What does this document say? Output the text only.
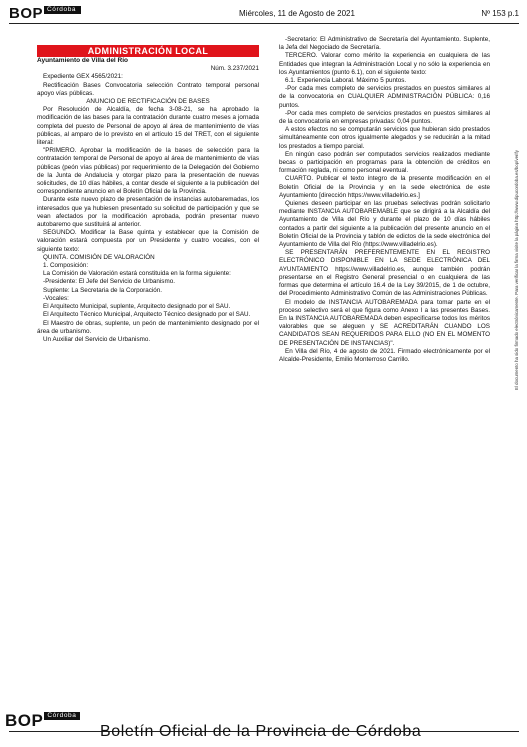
BOP Córdoba	Miércoles, 11 de Agosto de 2021	Nº 153 p.1
ADMINISTRACIÓN LOCAL

Ayuntamiento de Villa del Río

Núm. 3.237/2021

Expediente GEX 4565/2021:

Rectificación Bases Convocatoria selección Contrato temporal personal apoyo vías públicas.

ANUNCIO DE RECTIFICACIÓN DE BASES

Por Resolución de Alcaldía, de fecha 3-08-21, se ha aprobado la modificación de las bases para la contratación durante cuatro meses a jornada completa del puesto de Personal de apoyo al área de mantenimiento de vías públicas, al amparo de lo previsto en el artículo 15 del TRET, con el siguiente literal:

"PRIMERO. Aprobar la modificación de la bases de selección para la contratación temporal de Personal de apoyo al área de mantenimiento de vías públicas (peón vías públicas) por requerimiento de la Delegación del Gobierno de la Junta de Andalucía y otorgar plazo para la presentación de nuevas solicitudes, de 10 días hábiles, a contar desde el siguiente a la publicación del correspondiente anuncio en el Boletín Oficial de la Provincia.

Durante este nuevo plazo de presentación de instancias autobaremadas, los interesados que ya hubiesen presentado su solicitud de participación y que se vean afectados por la modificación aprobada, podrán presentar nuevo autobaremo que sustituirá al anterior.

SEGUNDO. Modificar la Base quinta y establecer que la Comisión de valoración estará compuesta por un Presidente y cuatro vocales, con el siguiente texto:

QUINTA. COMISIÓN DE VALORACIÓN

1. Composición:

La Comisión de Valoración estará constituida en la forma siguiente:

-Presidente: El Jefe del Servicio de Urbanismo.

Suplente: La Secretaria de la Corporación.

-Vocales:

El Arquitecto Municipal, suplente, Arquitecto designado por el SAU.

El Arquitecto Técnico Municipal, Arquitecto Técnico designado por el SAU.

El Maestro de obras, suplente, un peón de mantenimiento designado por el área de urbanismo.

Un Auxiliar del Servicio de Urbanismo.

-Secretario: El Administrativo de Secretaría del Ayuntamiento. Suplente, la Jefa del Negociado de Secretaría.

TERCERO. Valorar como mérito la experiencia en cualquiera de las Entidades que integran la Administración Local y no sólo la experiencia en los Ayuntamientos (punto 6.1), con el siguiente texto:

6.1. Experiencia Laboral. Máximo 5 puntos.

-Por cada mes completo de servicios prestados en puestos similares al de la convocatoria en CUALQUIER ADMINISTRACIÓN PÚBLICA: 0,16 puntos.

-Por cada mes completo de servicios prestados en puestos similares al de la convocatoria en empresas privadas: 0,04 puntos.

A estos efectos no se computarán servicios que hubieran sido prestados simultáneamente con otros igualmente alegados y se reducirán a la mitad los prestados a tiempo parcial.

En ningún caso podrán ser computados servicios realizados mediante becas o participación en programas para la obtención de créditos en formación reglada, ni como personal eventual.

CUARTO. Publicar el texto íntegro de la presente modificación en el Boletín Oficial de la Provincia y en la sede electrónica de este Ayuntamiento [dirección https://www.villadelrio.es.]

Quienes deseen participar en las pruebas selectivas podrán solicitarlo mediante INSTANCIA AUTOBAREMABLE que se dirigirá a la Alcaldía del Ayuntamiento de Villa del Río y durante el plazo de 10 días hábiles contados a partir del siguiente a la publicación del presente anuncio en el Boletín Oficial de la Provincia y tablón de edictos de la sede electrónica del Ayuntamiento de Villa del Río (https://www.villadelrio.es).

SE PRESENTARÁN PREFERENTEMENTE EN EL REGISTRO ELECTRÓNICO DISPONIBLE EN LA SEDE ELECTRÓNICA DEL AYUNTAMIENTO https://www.villadelrio.es, aunque también podrán presentarse en el Registro General presencial o en cualquiera de las formas que determina el artículo 16.4 de la Ley 39/2015, de 1 de octubre, del Procedimiento Administrativo Común de las Administraciones Públicas.

El modelo de INSTANCIA AUTOBAREMADA para tomar parte en el proceso selectivo será el que figura como Anexo I a las presentes Bases. En la INSTANCIA AUTOBAREMADA deben especificarse todos los méritos valorables que se aleguen y SE ACREDITARÁN CUANDO LOS CANDIDATOS SEAN REQUERIDOS PARA ELLO (NO EN EL MOMENTO DE PRESENTACIÓN DE INSTANCIAS)".

En Villa del Río, 4 de agosto de 2021. Firmado electrónicamente por el Alcalde-Presidente, Emilio Monterroso Carrillo.	El documento ha sido firmado electrónicamente. Para verificar la firma visite la página http://www.dipucordoba.es/bop/verify
BOP Córdoba
Boletín Oficial de la Provincia de Córdoba
